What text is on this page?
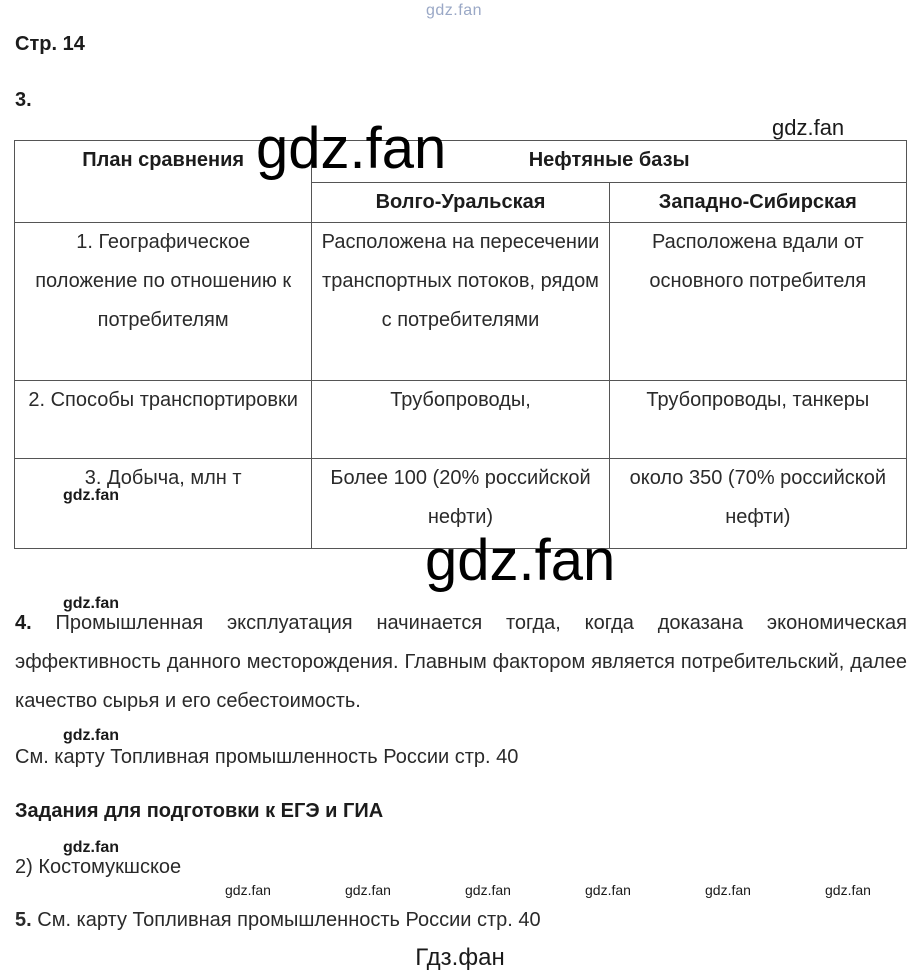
gdz.fan
Стр. 14
3.
План сравнения	Нефтяные базы	
	Волго-Уральская	Западно-Сибирская
1. Географическое положение по отношению к потребителям	Расположена на пересечении транспортных потоков, рядом с потребителями	Расположена вдали от основного потребителя
2. Способы транспортировки	Трубопроводы,	Трубопроводы, танкеры
3. Добыча, млн т	Более 100 (20% российской нефти)	около 350 (70% российской нефти)
gdz.fan	gdz.fan
gdz.fan
gdz.fan
gdz.fan
4. Промышленная эксплуатация начинается тогда, когда доказана экономическая эффективность данного месторождения. Главным фактором является потребительский, далее качество сырья и его себестоимость.
gdz.fan
См. карту Топливная промышленность России стр. 40
Задания для подготовки к ЕГЭ и ГИА
gdz.fan
2) Костомукшское
gdz.fan	gdz.fan	gdz.fan	gdz.fan	gdz.fan	gdz.fan
5. См. карту Топливная промышленность России стр. 40
Гдз.фан
